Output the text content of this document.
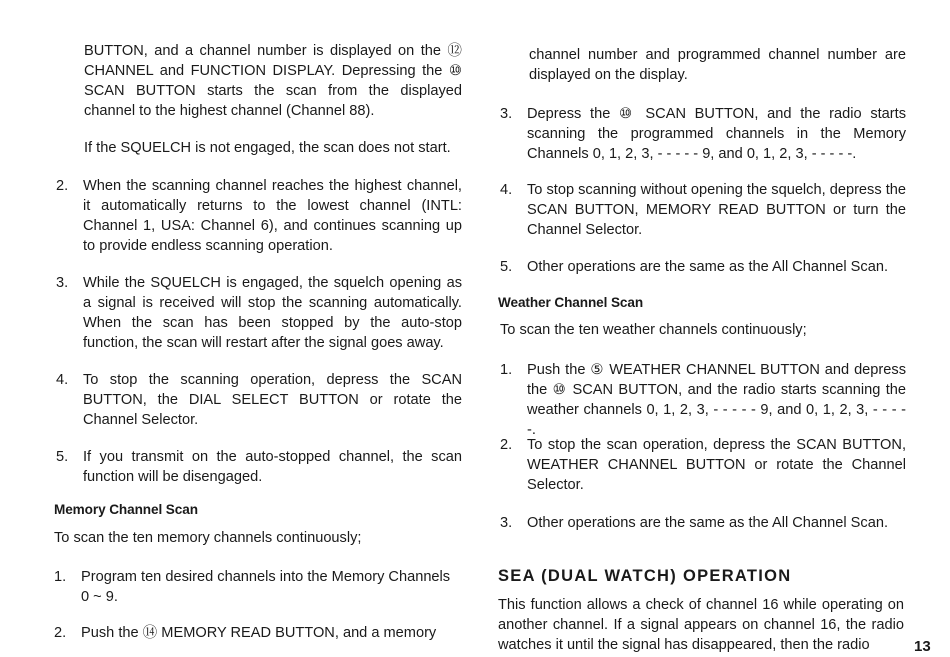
BUTTON, and a channel number is displayed on the ⑫ CHANNEL and FUNCTION DISPLAY. Depressing the ⑩ SCAN BUTTON starts the scan from the displayed channel to the highest channel (Channel 88).

If the SQUELCH is not engaged, the scan does not start.

2.	When the scanning channel reaches the highest channel, it automatically returns to the lowest channel (INTL: Channel 1, USA: Channel 6), and continues scanning up to provide endless scanning operation.
3.	While the SQUELCH is engaged, the squelch opening as a signal is received will stop the scanning automatically. When the scan has been stopped by the auto-stop function, the scan will restart after the signal goes away.
4.	To stop the scanning operation, depress the SCAN BUTTON, the DIAL SELECT BUTTON or rotate the Channel Selector.
5.	If you transmit on the auto-stopped channel, the scan function will be disengaged.
Memory Channel Scan

To scan the ten memory channels continuously;

1.	Program ten desired channels into the Memory Channels 0 ~ 9.
2.	Push the ⑭ MEMORY READ BUTTON, and a memory

channel number and programmed channel number are displayed on the display.

3.	Depress the ⑩ SCAN BUTTON, and the radio starts scanning the programmed channels in the Memory Channels 0, 1, 2, 3, - - - - - 9, and 0, 1, 2, 3, - - - - -.
4.	To stop scanning without opening the squelch, depress the SCAN BUTTON, MEMORY READ BUTTON or turn the Channel Selector.
5.	Other operations are the same as the All Channel Scan.
Weather Channel Scan

To scan the ten weather channels continuously;

1.	Push the ⑤ WEATHER CHANNEL BUTTON and depress the ⑩ SCAN BUTTON, and the radio starts scanning the weather channels 0, 1, 2, 3, - - - - - 9, and 0, 1, 2, 3, - - - - -.
2.	To stop the scan operation, depress the SCAN BUTTON, WEATHER CHANNEL BUTTON or rotate the Channel Selector.
3.	Other operations are the same as the All Channel Scan.
SEA (DUAL WATCH) OPERATION

This function allows a check of channel 16 while operating on another channel. If a signal appears on channel 16, the radio watches it until the signal has disappeared, then the radio	13
